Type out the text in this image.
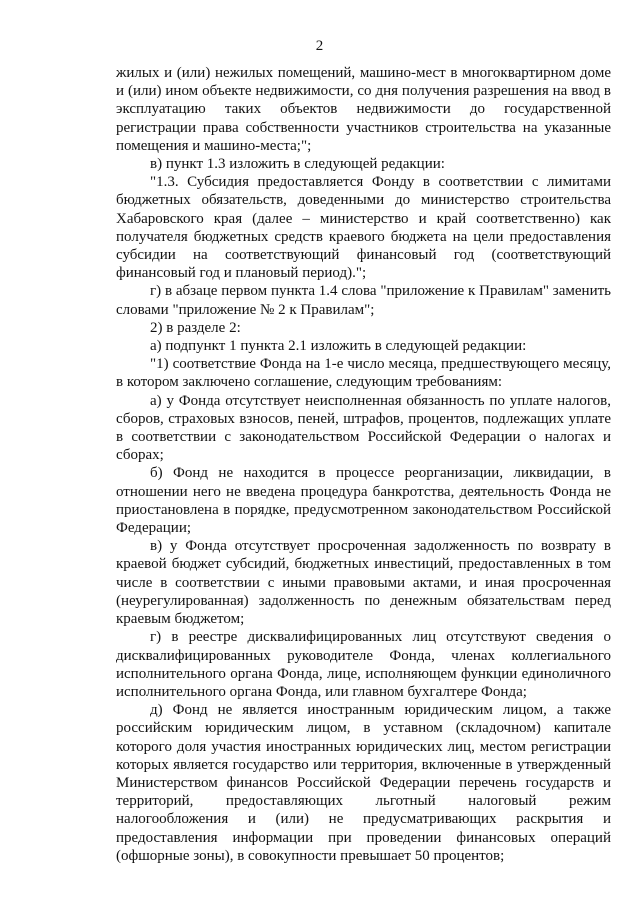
2

жилых и (или) нежилых помещений, машино-мест в многоквартирном доме и (или) ином объекте недвижимости, со дня получения разрешения на ввод в эксплуатацию таких объектов недвижимости до государственной регистрации права собственности участников строительства на указанные помещения и машино-места;";

в) пункт 1.3 изложить в следующей редакции:

"1.3. Субсидия предоставляется Фонду в соответствии с лимитами бюджетных обязательств, доведенными до министерство строительства Хабаровского края (далее – министерство и край соответственно) как получателя бюджетных средств краевого бюджета на цели предоставления субсидии на соответствующий финансовый год (соответствующий финансовый год и плановый период).";

г) в абзаце первом пункта 1.4 слова "приложение к Правилам" заменить словами "приложение № 2 к Правилам";

2) в разделе 2:

а) подпункт 1 пункта 2.1 изложить в следующей редакции:

"1) соответствие Фонда на 1-е число месяца, предшествующего месяцу, в котором заключено соглашение, следующим требованиям:

а) у Фонда отсутствует неисполненная обязанность по уплате налогов, сборов, страховых взносов, пеней, штрафов, процентов, подлежащих уплате в соответствии с законодательством Российской Федерации о налогах и сборах;

б) Фонд не находится в процессе реорганизации, ликвидации, в отношении него не введена процедура банкротства, деятельность Фонда не приостановлена в порядке, предусмотренном законодательством Российской Федерации;

в) у Фонда отсутствует просроченная задолженность по возврату в краевой бюджет субсидий, бюджетных инвестиций, предоставленных в том числе в соответствии с иными правовыми актами, и иная просроченная (неурегулированная) задолженность по денежным обязательствам перед краевым бюджетом;

г) в реестре дисквалифицированных лиц отсутствуют сведения о дисквалифицированных руководителе Фонда, членах коллегиального исполнительного органа Фонда, лице, исполняющем функции единоличного исполнительного органа Фонда, или главном бухгалтере Фонда;

д) Фонд не является иностранным юридическим лицом, а также российским юридическим лицом, в уставном (складочном) капитале которого доля участия иностранных юридических лиц, местом регистрации которых является государство или территория, включенные в утвержденный Министерством финансов Российской Федерации перечень государств и территорий, предоставляющих льготный налоговый режим налогообложения и (или) не предусматривающих раскрытия и предоставления информации при проведении финансовых операций (офшорные зоны), в совокупности превышает 50 процентов;
